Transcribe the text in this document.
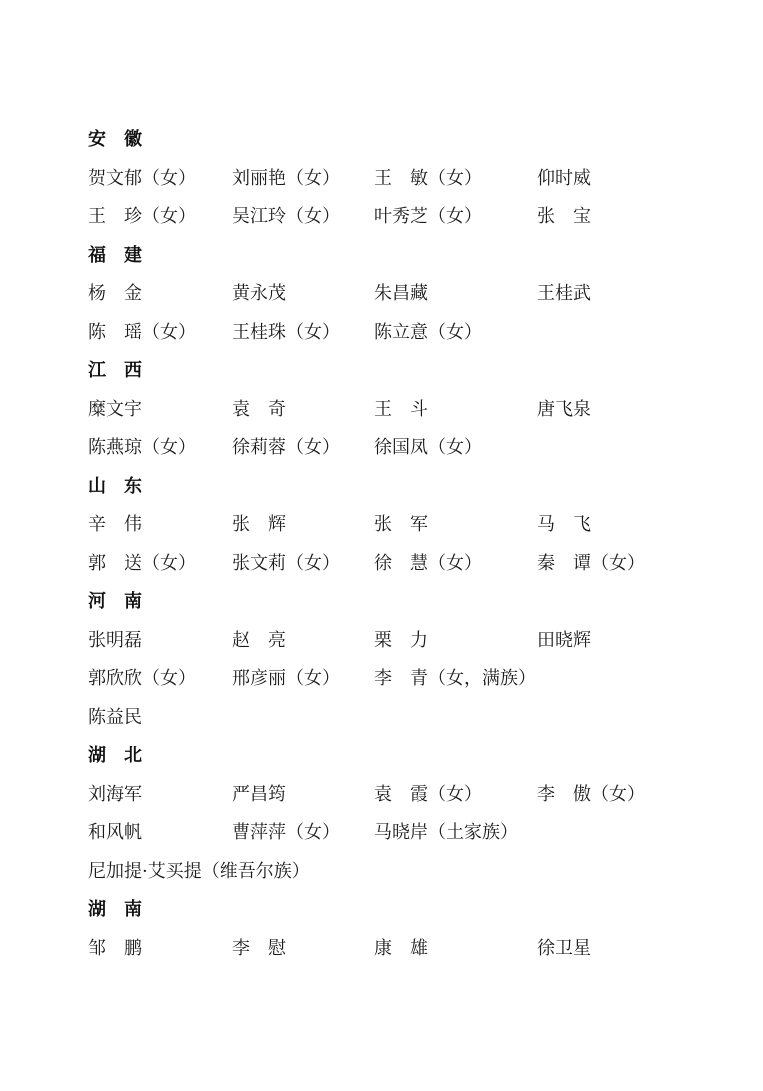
安　徽
贺文郁（女） 刘丽艳（女） 王　敏（女）	仰时威
王　珍（女） 吴江玲（女） 叶秀芝（女）	张　宝
福　建
杨　金	黄永茂	朱昌藏	王桂武
陈　瑶（女） 王桂珠（女） 陈立意（女）
江　西
糜文宇	袁　奇	王　斗	唐飞泉
陈燕琼（女） 徐莉蓉（女） 徐国凤（女）
山　东
辛　伟	张　辉	张　军	马　飞
郭　送（女） 张文莉（女） 徐　慧（女）	秦　谭（女）
河　南
张明磊	赵　亮	栗　力	田晓辉
郭欣欣（女） 邢彦丽（女） 李　青（女，满族）
陈益民
湖　北
刘海军	严昌筠	袁　霞（女）	李　傲（女）
和风帆	曹萍萍（女） 马晓岸（土家族）
尼加提·艾买提（维吾尔族）
湖　南
邹　鹏	李　慰	康　雄	徐卫星
